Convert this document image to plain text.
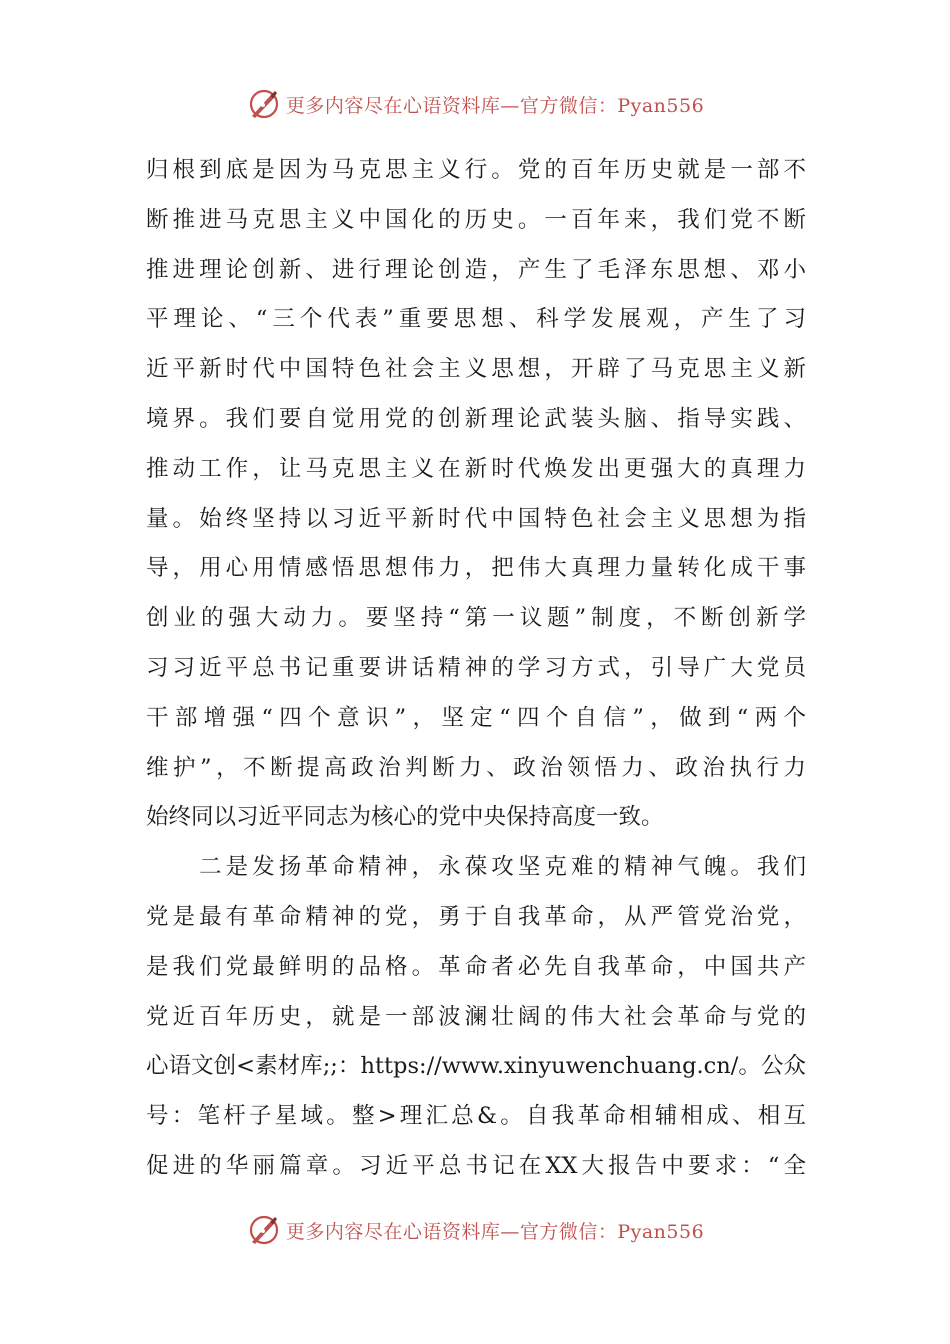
更多内容尽在心语资料库—官方微信：Pyan556
归根到底是因为马克思主义行。党的百年历史就是一部不
断推进马克思主义中国化的历史。一百年来，我们党不断
推进理论创新、进行理论创造，产生了毛泽东思想、邓小
平理论、“三个代表”重要思想、科学发展观，产生了习
近平新时代中国特色社会主义思想，开辟了马克思主义新
境界。我们要自觉用党的创新理论武装头脑、指导实践、
推动工作，让马克思主义在新时代焕发出更强大的真理力
量。始终坚持以习近平新时代中国特色社会主义思想为指
导，用心用情感悟思想伟力，把伟大真理力量转化成干事
创业的强大动力。要坚持“第一议题”制度，不断创新学
习习近平总书记重要讲话精神的学习方式，引导广大党员
干部增强“四个意识”，坚定“四个自信”，做到“两个
维护”，不断提高政治判断力、政治领悟力、政治执行力
始终同以习近平同志为核心的党中央保持高度一致。
　　二是发扬革命精神，永葆攻坚克难的精神气魄。我们
党是最有革命精神的党，勇于自我革命，从严管党治党，
是我们党最鲜明的品格。革命者必先自我革命，中国共产
党近百年历史，就是一部波澜壮阔的伟大社会革命与党的
心语文创<素材库;;：https://www.xinyuwenchuang.cn/。公众
号：笔杆子星域。整>理汇总&。自我革命相辅相成、相互
促进的华丽篇章。习近平总书记在XX大报告中要求：“全
更多内容尽在心语资料库—官方微信：Pyan556
